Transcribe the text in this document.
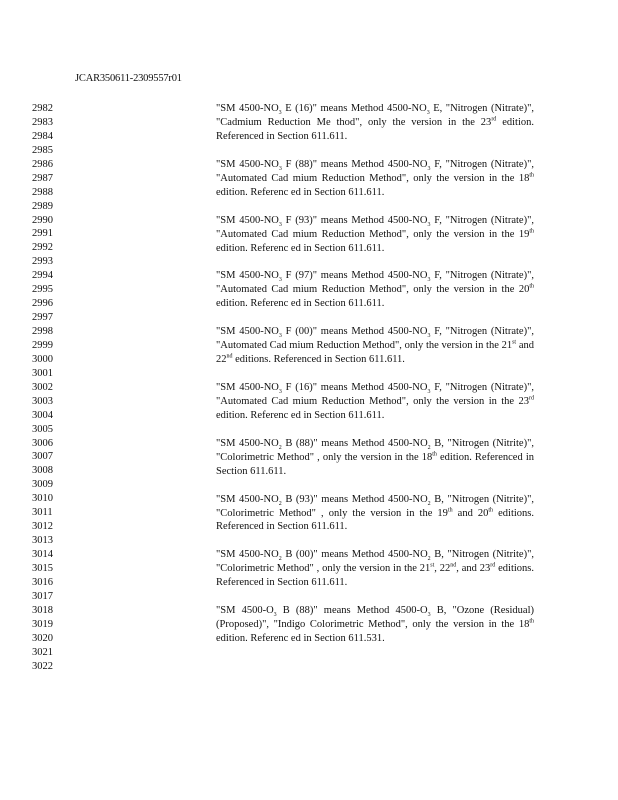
JCAR350611-2309557r01
2982
2983
2984
2985
2986
2987
2988
2989
2990
2991
2992
2993
2994
2995
2996
2997
2998
2999
3000
3001
3002
3003
3004
3005
3006
3007
3008
3009
3010
3011
3012
3013
3014
3015
3016
3017
3018
3019
3020
3021
3022
"SM $4500-NO_3$ E (16)" means Method $4500-NO_3$ E, "Nitrogen (Nitrate)", "Cadmium Reduction Me thod", only the version in the 23rd edition. Referenced in Section 611.611.
"SM $4500-NO_3$ F (88)" means Method $4500-NO_3$ F, "Nitrogen (Nitrate)", "Automated Cad mium Reduction Method", only the version in the 18th edition. Referenc ed in Section 611.611.
"SM $4500-NO_3$ F (93)" means Method $4500-NO_3$ F, "Nitrogen (Nitrate)", "Automated Cad mium Reduction Method", only the version in the 19th edition. Referenc ed in Section 611.611.
"SM $4500-NO_3$ F (97)" means Method $4500-NO_3$ F, "Nitrogen (Nitrate)", "Automated Cad mium Reduction Method", only the version in the 20th edition. Referenc ed in Section 611.611.
"SM $4500-NO_3$ F (00)" means Method $4500-NO_3$ F, "Nitrogen (Nitrate)", "Automated Cad mium Reduction Method", only the version in the 21st and 22nd editions. Referenced in Section 611.611.
"SM $4500-NO_3$ F (16)" means Method $4500-NO_3$ F, "Nitrogen (Nitrate)", "Automated Cad mium Reduction Method", only the version in the 23rd edition. Referenc ed in Section 611.611.
"SM $4500-NO_2$ B (88)" means Method $4500-NO_2$ B, "Nitrogen (Nitrite)", "Colorimetric Method" , only the version in the 18th edition. Referenced in Section 611.611.
"SM $4500-NO_2$ B (93)" means Method $4500-NO_2$ B, "Nitrogen (Nitrite)", "Colorimetric Method" , only the version in the 19th and 20th editions. Referenced in Section 611.611.
"SM $4500-NO_2$ B (00)" means Method $4500-NO_2$ B, "Nitrogen (Nitrite)", "Colorimetric Method" , only the version in the 21st, 22nd, and 23rd editions. Referenced in Section 611.611.
"SM $4500-O_3$ B (88)" means Method $4500-O_3$ B, "Ozone (Residual) (Proposed)", "Indigo Colorimetric Method", only the version in the 18th edition. Referenc ed in Section 611.531.
